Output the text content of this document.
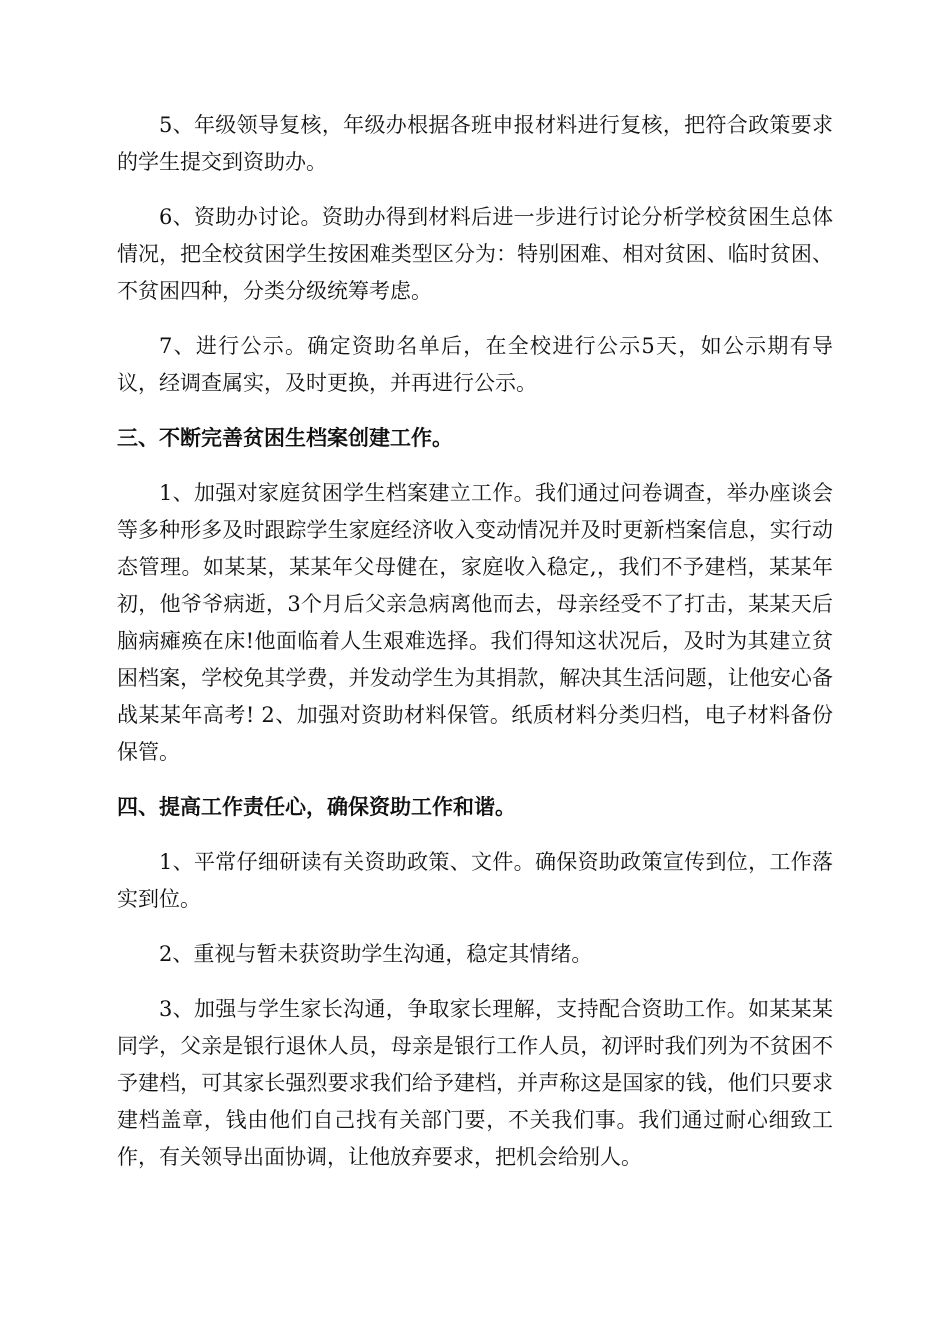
5、年级领导复核，年级办根据各班申报材料进行复核，把符合政策要求的学生提交到资助办。

6、资助办讨论。资助办得到材料后进一步进行讨论分析学校贫困生总体情况，把全校贫困学生按困难类型区分为：特别困难、相对贫困、临时贫困、不贫困四种，分类分级统筹考虑。

7、进行公示。确定资助名单后，在全校进行公示5天，如公示期有导议，经调查属实，及时更换，并再进行公示。

三、不断完善贫困生档案创建工作。

1、加强对家庭贫困学生档案建立工作。我们通过问卷调查，举办座谈会等多种形多及时跟踪学生家庭经济收入变动情况并及时更新档案信息，实行动态管理。如某某，某某年父母健在，家庭收入稳定,，我们不予建档，某某年初，他爷爷病逝，3个月后父亲急病离他而去，母亲经受不了打击，某某天后脑病瘫痪在床!他面临着人生艰难选择。我们得知这状况后，及时为其建立贫困档案，学校免其学费，并发动学生为其捐款，解决其生活问题，让他安心备战某某年高考! 2、加强对资助材料保管。纸质材料分类归档，电子材料备份保管。

四、提高工作责任心，确保资助工作和谐。

1、平常仔细研读有关资助政策、文件。确保资助政策宣传到位，工作落实到位。

2、重视与暂未获资助学生沟通，稳定其情绪。

3、加强与学生家长沟通，争取家长理解，支持配合资助工作。如某某某同学，父亲是银行退休人员，母亲是银行工作人员，初评时我们列为不贫困不予建档，可其家长强烈要求我们给予建档，并声称这是国家的钱，他们只要求建档盖章，钱由他们自己找有关部门要，不关我们事。我们通过耐心细致工作，有关领导出面协调，让他放弃要求，把机会给别人。
